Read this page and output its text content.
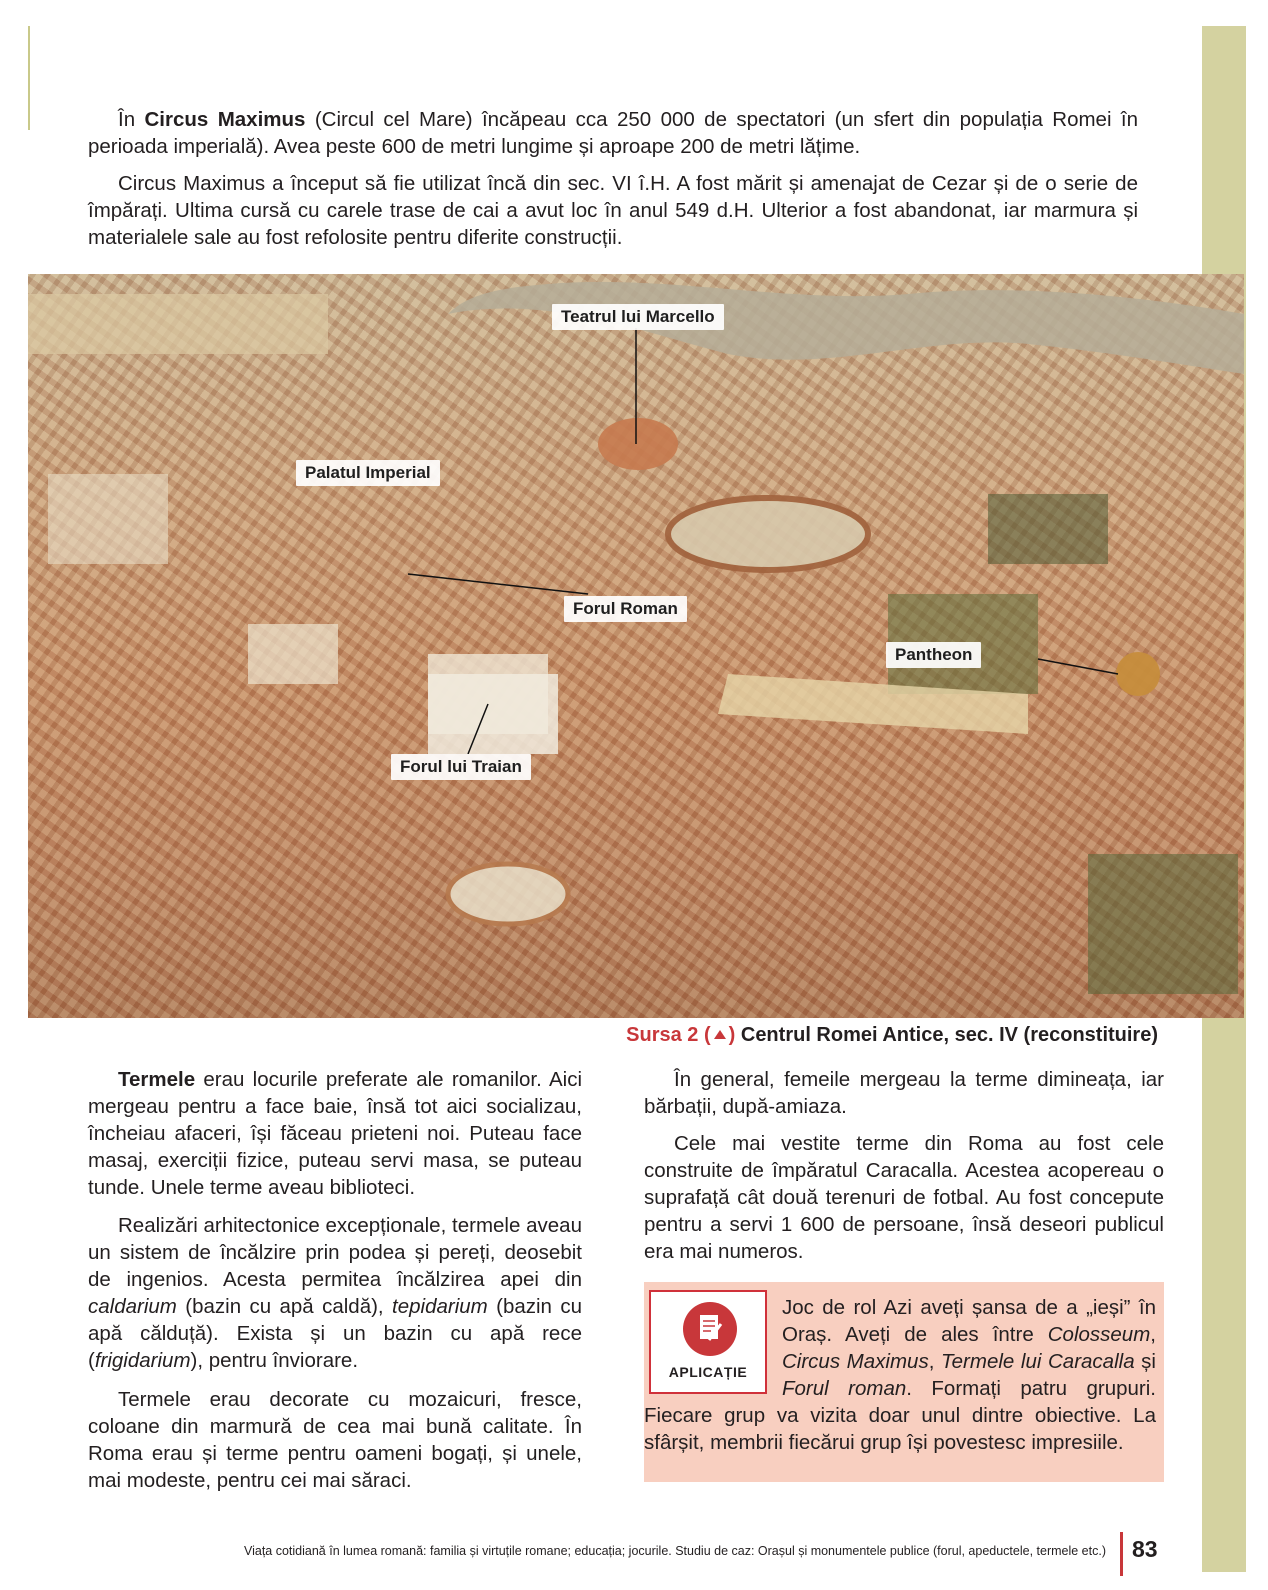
În Circus Maximus (Circul cel Mare) încăpeau cca 250 000 de spectatori (un sfert din populația Romei în perioada imperială). Avea peste 600 de metri lungime și aproape 200 de metri lățime.

Circus Maximus a început să fie utilizat încă din sec. VI î.H. A fost mărit și amenajat de Cezar și de o serie de împărați. Ultima cursă cu carele trase de cai a avut loc în anul 549 d.H. Ulterior a fost abandonat, iar marmura și materialele sale au fost refolosite pentru diferite construcții.

Teatrul lui Marcello
Palatul Imperial
Forul Roman
Pantheon
Forul lui Traian
Sursa 2 ( ) Centrul Romei Antice, sec. IV (reconstituire)

Termele erau locurile preferate ale romanilor. Aici mergeau pentru a face baie, însă tot aici socializau, încheiau afaceri, își făceau prieteni noi. Puteau face masaj, exerciții fizice, puteau servi masa, se puteau tunde. Unele terme aveau biblioteci.

Realizări arhitectonice excepționale, termele aveau un sistem de încălzire prin podea și pereți, deosebit de ingenios. Acesta permitea încălzirea apei din caldarium (bazin cu apă caldă), tepidarium (bazin cu apă călduță). Exista și un bazin cu apă rece (frigidarium), pentru înviorare.

Termele erau decorate cu mozaicuri, fresce, coloane din marmură de cea mai bună calitate. În Roma erau și terme pentru oameni bogați, și unele, mai modeste, pentru cei mai săraci.

În general, femeile mergeau la terme dimineața, iar bărbații, după-amiaza.

Cele mai vestite terme din Roma au fost cele construite de împăratul Caracalla. Acestea acopereau o suprafață cât două terenuri de fotbal. Au fost concepute pentru a servi 1 600 de persoane, însă deseori publicul era mai numeros.

APLICAȚIE
Joc de rol Azi aveți șansa de a „ieși” în Oraș. Aveți de ales între Colosseum, Circus Maximus, Termele lui Caracalla și Forul roman. Formați patru grupuri. Fiecare grup va vizita doar unul dintre obiective. La sfârșit, membrii fiecărui grup își povestesc impresiile.
Viața cotidiană în lumea romană: familia și virtuțile romane; educația; jocurile. Studiu de caz: Orașul și monumentele publice (forul, apeductele, termele etc.) 83
